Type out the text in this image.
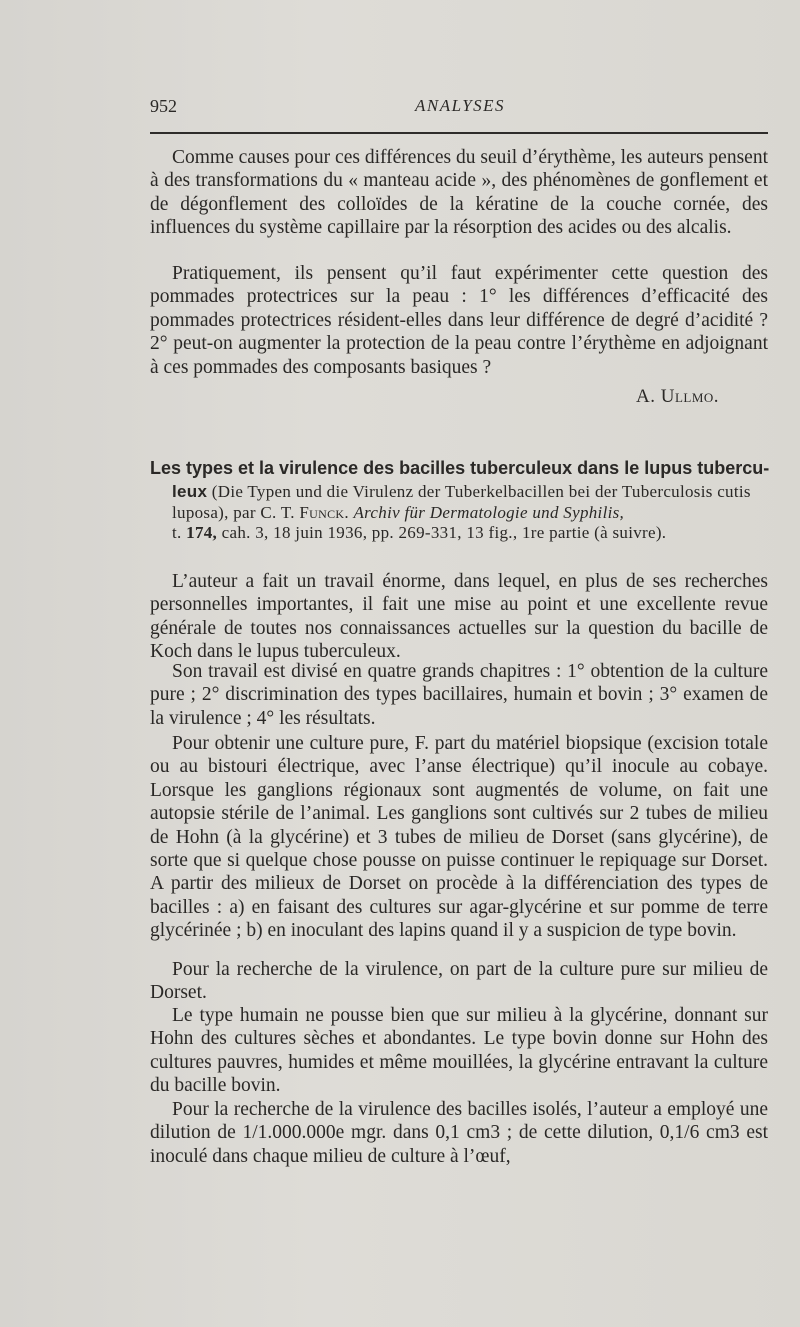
952	ANALYSES

Comme causes pour ces différences du seuil d’érythème, les auteurs pensent à des transformations du « manteau acide », des phénomènes de gonflement et de dégonflement des colloïdes de la kératine de la couche cornée, des influences du système capillaire par la résorption des acides ou des alcalis.

Pratiquement, ils pensent qu’il faut expérimenter cette question des pommades protectrices sur la peau : 1° les différences d’efficacité des pommades protectrices résident-elles dans leur différence de degré d’acidité ? 2° peut-on augmenter la protection de la peau contre l’érythème en adjoignant à ces pommades des composants basiques ?

A. Ullmo.
Les types et la virulence des bacilles tuberculeux dans le lupus tubercu-
leux (Die Typen und die Virulenz der Tuberkelbacillen bei der Tuberculosis cutis luposa), par C. T. Funck. Archiv für Dermatologie und Syphilis,
t. 174, cah. 3, 18 juin 1936, pp. 269-331, 13 fig., 1re partie (à suivre).

L’auteur a fait un travail énorme, dans lequel, en plus de ses recherches personnelles importantes, il fait une mise au point et une excellente revue générale de toutes nos connaissances actuelles sur la question du bacille de Koch dans le lupus tuberculeux.

Son travail est divisé en quatre grands chapitres : 1° obtention de la culture pure ; 2° discrimination des types bacillaires, humain et bovin ; 3° examen de la virulence ; 4° les résultats.

Pour obtenir une culture pure, F. part du matériel biopsique (excision totale ou au bistouri électrique, avec l’anse électrique) qu’il inocule au cobaye. Lorsque les ganglions régionaux sont augmentés de volume, on fait une autopsie stérile de l’animal. Les ganglions sont cultivés sur 2 tubes de milieu de Hohn (à la glycérine) et 3 tubes de milieu de Dorset (sans glycérine), de sorte que si quelque chose pousse on puisse continuer le repiquage sur Dorset. A partir des milieux de Dorset on procède à la différenciation des types de bacilles : a) en faisant des cultures sur agar-glycérine et sur pomme de terre glycérinée ; b) en inoculant des lapins quand il y a suspicion de type bovin.

Pour la recherche de la virulence, on part de la culture pure sur milieu de Dorset.

Le type humain ne pousse bien que sur milieu à la glycérine, donnant sur Hohn des cultures sèches et abondantes. Le type bovin donne sur Hohn des cultures pauvres, humides et même mouillées, la glycérine entravant la culture du bacille bovin.

Pour la recherche de la virulence des bacilles isolés, l’auteur a employé une dilution de 1/1.000.000e mgr. dans 0,1 cm3 ; de cette dilution, 0,1/6 cm3 est inoculé dans chaque milieu de culture à l’œuf,
